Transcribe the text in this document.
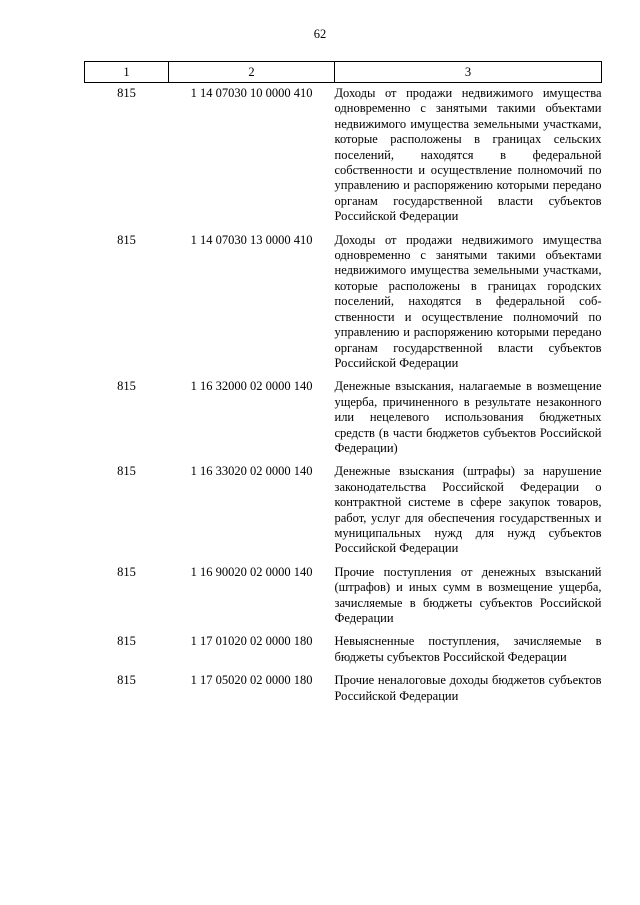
62
1	2	3
815	1 14 07030 10 0000 410	Доходы от продажи недвижимого имущества одновременно с занятыми такими объектами недвижимого имущества земельными участками, которые расположены в границах сельских поселений, находятся в федеральной собственности и осуществление полномочий по управлению и распоряжению которыми передано органам государственной власти субъектов Российской Федерации
815	1 14 07030 13 0000 410	Доходы от продажи недвижимого имущества одновременно с занятыми такими объектами недвижимого имущества земельными участками, которые расположены в границах городских поселений, находятся в федеральной собственности и осуществление полномочий по управлению и распоряжению которыми передано органам государственной власти субъектов Российской Федерации
815	1 16 32000 02 0000 140	Денежные взыскания, налагаемые в возмещение ущерба, причиненного в результате незаконного или нецелевого использования бюджетных средств (в части бюджетов субъектов Российской Федерации)
815	1 16 33020 02 0000 140	Денежные взыскания (штрафы) за нарушение законодательства Российской Федерации о контрактной системе в сфере закупок товаров, работ, услуг для обеспечения государственных и муниципальных нужд для нужд субъектов Российской Федерации
815	1 16 90020 02 0000 140	Прочие поступления от денежных взысканий (штрафов) и иных сумм в возмещение ущерба, зачисляемые в бюджеты субъектов Российской Федерации
815	1 17 01020 02 0000 180	Невыясненные поступления, зачисляемые в бюджеты субъектов Российской Федерации
815	1 17 05020 02 0000 180	Прочие неналоговые доходы бюджетов субъектов Российской Федерации
